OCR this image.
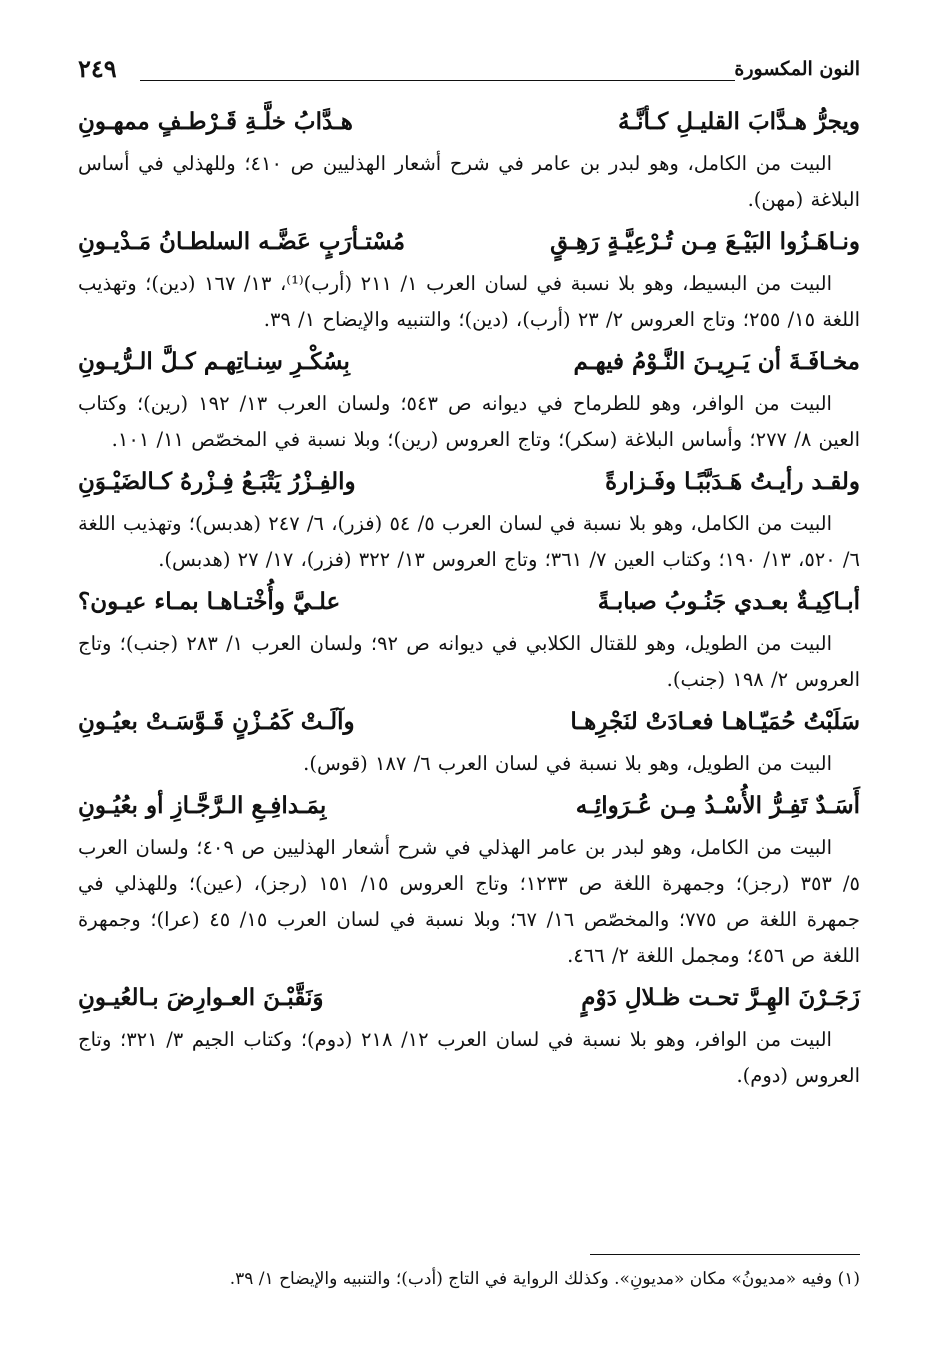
النون المكسورة
٢٤٩
ويجرُّ هـدَّابَ القليـلِ كـأنَّـهُ
هـدَّابُ خلَّـةِ قَـرْطـفٍ ممهـونِ

البيت من الكامل، وهو لبدر بن عامر في شرح أشعار الهذليين ص ٤١٠؛ وللهذلي في أساس البلاغة (مهن).

ونـاهَـزُوا البَيْـعَ مِـن تُـرْعِيَّـةٍ رَهِـقٍ
مُسْتـأرَبٍ عَضَّـه السلطـانُ مَـدْيـونِ

البيت من البسيط، وهو بلا نسبة في لسان العرب ١/ ٢١١ (أرب)⁽¹⁾، ١٣/ ١٦٧ (دين)؛ وتهذيب اللغة ١٥/ ٢٥٥؛ وتاج العروس ٢/ ٢٣ (أرب)، (دين)؛ والتنبيه والإيضاح ١/ ٣٩.

مخـافَـةَ أن يَـرِيـنَ النَّـوْمُ فيهـم
بِسُكْـرِ سِنـاتِهـم كـلَّ الـرُّيـونِ

البيت من الوافر، وهو للطرماح في ديوانه ص ٥٤٣؛ ولسان العرب ١٣/ ١٩٢ (رين)؛ وكتاب العين ٨/ ٢٧٧؛ وأساس البلاغة (سكر)؛ وتاج العروس (رين)؛ وبلا نسبة في المخصّص ١١/ ١٠١.

ولقـد رأيـتُ هَـدَبَّبًـا وفَـزارةً
والفِـزْرُ يَتْبَـعُ فِـزْرهُ كـالضَيْـوَنِ

البيت من الكامل، وهو بلا نسبة في لسان العرب ٥/ ٥٤ (فزر)، ٦/ ٢٤٧ (هدبس)؛ وتهذيب اللغة ٦/ ٥٢٠، ١٣/ ١٩٠؛ وكتاب العين ٧/ ٣٦١؛ وتاج العروس ١٣/ ٣٢٢ (فزر)، ١٧/ ٢٧ (هدبس).

أبـاكِيـةٌ بعـدي جَنُـوبُ صبابـةً
علـيَّ وأُخْتـاهـا بمـاء عيـون؟

البيت من الطويل، وهو للقتال الكلابي في ديوانه ص ٩٢؛ ولسان العرب ١/ ٢٨٣ (جنب)؛ وتاج العروس ٢/ ١٩٨ (جنب).

سَلَبْتُ حُمَيّـاهـا فعـادَتْ لنَجْرِهـا
وآلَـتْ كَمُـزْنٍ قَـوَّسَـتْ بعيُـونِ

البيت من الطويل، وهو بلا نسبة في لسان العرب ٦/ ١٨٧ (قوس).

أَسَـدٌ تَفِـرُّ الأُسْـدُ مِـن عُـرَوائِـه
بِمَـدافِـعِ الـرَّجَّـازِ أو بعُيُـونِ

البيت من الكامل، وهو لبدر بن عامر الهذلي في شرح أشعار الهذليين ص ٤٠٩؛ ولسان العرب ٥/ ٣٥٣ (رجز)؛ وجمهرة اللغة ص ١٢٣٣؛ وتاج العروس ١٥/ ١٥١ (رجز)، (عين)؛ وللهذلي في جمهرة اللغة ص ٧٧٥؛ والمخصّص ١٦/ ٦٧؛ وبلا نسبة في لسان العرب ١٥/ ٤٥ (عرا)؛ وجمهرة اللغة ص ٤٥٦؛ ومجمل اللغة ٢/ ٤٦٦.

زَجَـرْنَ الهِـرَّ تحـت ظـلالِ دَوْمٍ
وَنَقَّبْـنَ العـوارِضَ بـالعُيـونِ

البيت من الوافر، وهو بلا نسبة في لسان العرب ١٢/ ٢١٨ (دوم)؛ وكتاب الجيم ٣/ ٣٢١؛ وتاج العروس (دوم).

(١) وفيه «مديونُ» مكان «مديونِ». وكذلك الرواية في التاج (أدب)؛ والتنبيه والإيضاح ١/ ٣٩.
